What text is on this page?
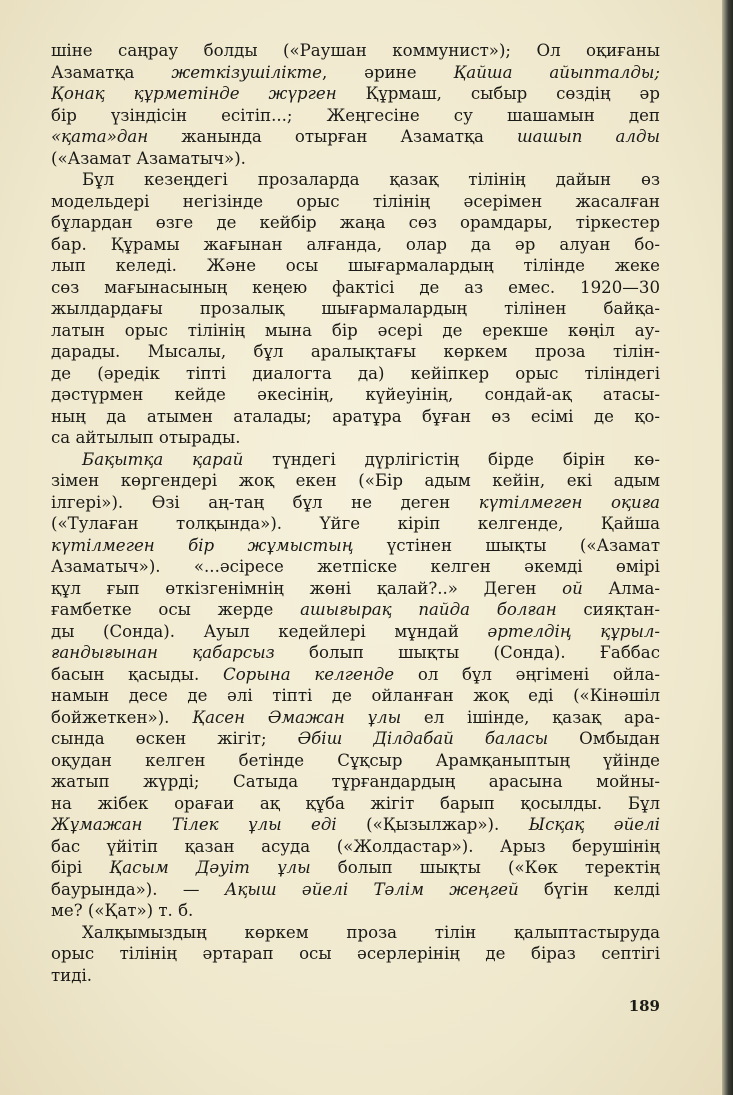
шіне саңрау болды («Раушан коммунист»); Ол оқиғаны
Азаматқа жеткізушілікте, әрине Қайша айыпталды;
Қонақ құрметінде жүрген Құрмаш, сыбыр сөздің әр
бір үзіндісін есітіп...; Жеңгесіне су шашамын деп
«қата»дан жанында отырған Азаматқа шашып алды
(«Азамат Азаматыч»).
Бұл кезеңдегі прозаларда қазақ тілінің дайын өз
модельдері негізінде орыс тілінің әсерімен жасалған
бұлардан өзге де кейбір жаңа сөз орамдары, тіркестер
бар. Құрамы жағынан алғанда, олар да әр алуан бо-
лып келеді. Және осы шығармалардың тілінде жеке
сөз мағынасының кеңею фактісі де аз емес. 1920—30
жылдардағы прозалық шығармалардың тілінен байқа-
латын орыс тілінің мына бір әсері де ерекше көңіл ау-
дарады. Мысалы, бұл аралықтағы көркем проза тілін-
де (әредік тіпті диалогта да) кейіпкер орыс тіліндегі
дәстүрмен кейде әкесінің, күйеуінің, сондай-ақ атасы-
ның да атымен аталады; аратұра бұған өз есімі де қо-
са айтылып отырады.
Бақытқа қарай түндегі дүрлігістің бірде бірін кө-
зімен көргендері жоқ екен («Бір адым кейін, екі адым
ілгері»). Өзі аң-таң бұл не деген күтілмеген оқиға
(«Тулаған толқында»). Үйге кіріп келгенде, Қайша
күтілмеген бір жұмыстың үстінен шықты («Азамат
Азаматыч»). «...әсіресе жетпіске келген әкемді өмірі
құл ғып өткізгенімнің жөні қалай?..» Деген ой Алма-
ғамбетке осы жерде ашығырақ пайда болған сияқтан-
ды (Сонда). Ауыл кедейлері мұндай әртелдің құрыл-
ғандығынан қабарсыз болып шықты (Сонда). Ғаббас
басын қасыды. Сорына келгенде ол бұл әңгімені ойла-
намын десе де әлі тіпті де ойланған жоқ еді («Кінәшіл
бойжеткен»). Қасен Әмажан ұлы ел ішінде, қазақ ара-
сында өскен жігіт; Әбіш Ділдабай баласы Омбыдан
оқудан келген бетінде Сұқсыр Арамқаныптың үйінде
жатып жүрді; Сатыда тұрғандардың арасына мойны-
на жібек орағаи ақ құба жігіт барып қосылды. Бұл
Жұмажан Тілек ұлы еді («Қызылжар»). Ысқақ әйелі
бас үйітіп қазан асуда («Жолдастар»). Арыз берушінің
бірі Қасым Дәуіт ұлы болып шықты («Көк теректің
баурында»). — Ақыш әйелі Тәлім жеңгей бүгін келді
ме? («Қат») т. б.
Халқымыздың көркем проза тілін қалыптастыруда
орыс тілінің әртарап осы әсерлерінің де біраз септігі
тиді.
189
